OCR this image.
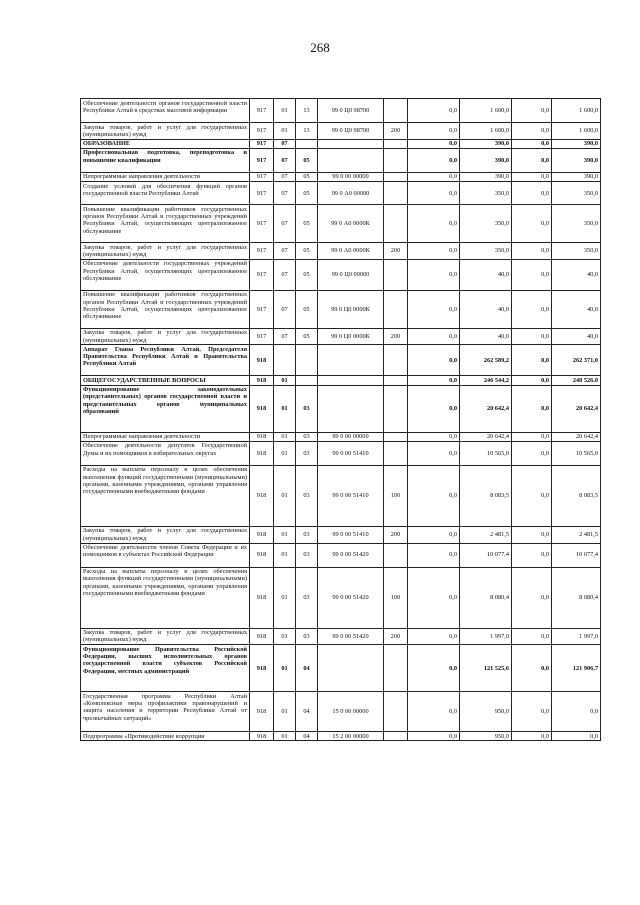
268
Обеспечение деятельности органов государственной власти Республики Алтай в средствах массовой информации	917	01	13	99 0 Ц0 98700		0,0	1 600,0	0,0	1 600,0
Закупка товаров, работ и услуг для государственных (муниципальных) нужд	917	01	13	99 0 Ц0 98700	200	0,0	1 600,0	0,0	1 600,0
ОБРАЗОВАНИЕ	917	07				0,0	390,0	0,0	390,0
Профессиональная подготовка, переподготовка и повышение квалификации	917	07	05			0,0	390,0	0,0	390,0
Непрограммные направления деятельности	917	07	05	99 0 00 00000		0,0	390,0	0,0	390,0
Создание условий для обеспечения функций органов государственной власти Республики Алтай	917	07	05	99 0 А0 00000		0,0	350,0	0,0	350,0
Повышение квалификации работников государственных органов Республики Алтай и государственных учреждений Республики Алтай, осуществляющих централизованное обслуживание	917	07	05	99 0 А0 0000К		0,0	350,0	0,0	350,0
Закупка товаров, работ и услуг для государственных (муниципальных) нужд	917	07	05	99 0 А0 0000К	200	0,0	350,0	0,0	350,0
Обеспечение деятельности государственных учреждений Республики Алтай, осуществляющих централизованное обслуживание	917	07	05	99 0 Ц0 00000		0,0	40,0	0,0	40,0
Повышение квалификации работников государственных органов Республики Алтай и государственных учреждений Республики Алтай, осуществляющих централизованное обслуживание	917	07	05	99 0 Ц0 0000К		0,0	40,0	0,0	40,0
Закупка товаров, работ и услуг для государственных (муниципальных) нужд	917	07	05	99 0 Ц0 0000К	200	0,0	40,0	0,0	40,0
Аппарат Главы Республики Алтай, Председателя Правительства Республики Алтай и Правительства Республики Алтай	918					0,0	262 589,2	0,0	262 371,0
ОБЩЕГОСУДАРСТВЕННЫЕ ВОПРОСЫ	918	01				0,0	246 544,2	0,0	248 526,0
Функционирование законодательных (представительных) органов государственной власти и представительных органов муниципальных образований	918	01	03			0,0	20 642,4	0,0	20 642,4
Непрограммные направления деятельности	918	01	03	99 0 00 00000		0,0	20 642,4	0,0	20 642,4
Обеспечение деятельности депутатов Государственной Думы и их помощников в избирательных округах	918	01	03	99 0 00 51410		0,0	10 565,0	0,0	10 565,0
Расходы на выплаты персоналу в целях обеспечения выполнения функций государственными (муниципальными) органами, казенными учреждениями, органами управления государственными внебюджетными фондами	918	01	03	99 0 00 51410	100	0,0	8 083,5	0,0	8 083,5
Закупка товаров, работ и услуг для государственных (муниципальных) нужд	918	01	03	99 0 00 51410	200	0,0	2 481,5	0,0	2 481,5
Обеспечение деятельности членов Совета Федерации и их помощников в субъектах Российской Федерации	918	01	03	99 0 00 51420		0,0	10 077,4	0,0	10 077,4
Расходы на выплаты персоналу в целях обеспечения выполнения функций государственными (муниципальными) органами, казенными учреждениями, органами управления государственными внебюджетными фондами	918	01	03	99 0 00 51420	100	0,0	8 080,4	0,0	8 080,4
Закупка товаров, работ и услуг для государственных (муниципальных) нужд	918	01	03	99 0 00 51420	200	0,0	1 997,0	0,0	1 997,0
Функционирование Правительства Российской Федерации, высших исполнительных органов государственной власти субъектов Российской Федерации, местных администраций	918	01	04			0,0	121 525,6	0,0	121 906,7
Государственная программа Республики Алтай «Комплексные меры профилактики правонарушений и защита населения и территории Республики Алтай от чрезвычайных ситуаций»	918	01	04	15 0 00 00000		0,0	950,0	0,0	0,0
Подпрограмма «Противодействие коррупции	918	01	04	15 2 00 00000		0,0	950,0	0,0	0,0
